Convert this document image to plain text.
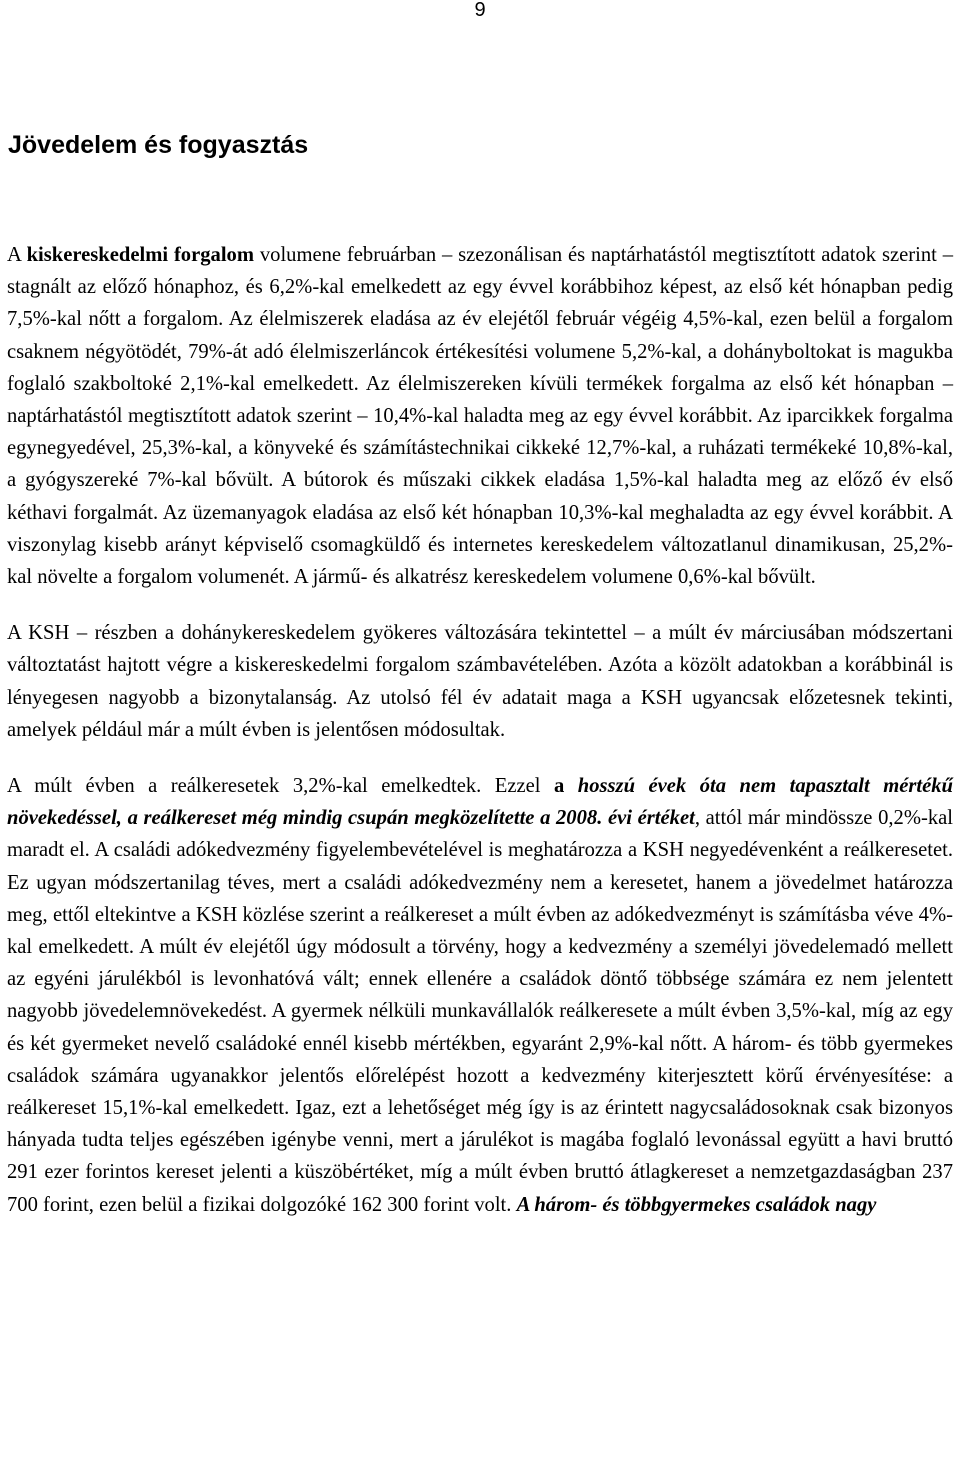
9
Jövedelem és fogyasztás

A kiskereskedelmi forgalom volumene februárban – szezonálisan és naptárhatástól megtisztított adatok szerint – stagnált az előző hónaphoz, és 6,2%-kal emelkedett az egy évvel korábbihoz képest, az első két hónapban pedig 7,5%-kal nőtt a forgalom. Az élelmiszerek eladása az év elejétől február végéig 4,5%-kal, ezen belül a forgalom csaknem négyötödét, 79%-át adó élelmiszerláncok értékesítési volumene 5,2%-kal, a dohányboltokat is magukba foglaló szakboltoké 2,1%-kal emelkedett. Az élelmiszereken kívüli termékek forgalma az első két hónapban – naptárhatástól megtisztított adatok szerint – 10,4%-kal haladta meg az egy évvel korábbit. Az iparcikkek forgalma egynegyedével, 25,3%-kal, a könyveké és számítástechnikai cikkeké 12,7%-kal, a ruházati termékeké 10,8%-kal, a gyógyszereké 7%-kal bővült. A bútorok és műszaki cikkek eladása 1,5%-kal haladta meg az előző év első kéthavi forgalmát. Az üzemanyagok eladása az első két hónapban 10,3%-kal meghaladta az egy évvel korábbit. A viszonylag kisebb arányt képviselő csomagküldő és internetes kereskedelem változatlanul dinamikusan, 25,2%-kal növelte a forgalom volumenét. A jármű- és alkatrész kereskedelem volumene 0,6%-kal bővült.

A KSH – részben a dohánykereskedelem gyökeres változására tekintettel – a múlt év márciusában módszertani változtatást hajtott végre a kiskereskedelmi forgalom számbavételében. Azóta a közölt adatokban a korábbinál is lényegesen nagyobb a bizonytalanság. Az utolsó fél év adatait maga a KSH ugyancsak előzetesnek tekinti, amelyek például már a múlt évben is jelentősen módosultak.

A múlt évben a reálkeresetek 3,2%-kal emelkedtek. Ezzel a hosszú évek óta nem tapasztalt mértékű növekedéssel, a reálkereset még mindig csupán megközelítette a 2008. évi értéket, attól már mindössze 0,2%-kal maradt el. A családi adókedvezmény figyelembevételével is meghatározza a KSH negyedévenként a reálkeresetet. Ez ugyan módszertanilag téves, mert a családi adókedvezmény nem a keresetet, hanem a jövedelmet határozza meg, ettől eltekintve a KSH közlése szerint a reálkereset a múlt évben az adókedvezményt is számításba véve 4%-kal emelkedett. A múlt év elejétől úgy módosult a törvény, hogy a kedvezmény a személyi jövedelemadó mellett az egyéni járulékból is levonhatóvá vált; ennek ellenére a családok döntő többsége számára ez nem jelentett nagyobb jövedelemnövekedést. A gyermek nélküli munkavállalók reálkeresete a múlt évben 3,5%-kal, míg az egy és két gyermeket nevelő családoké ennél kisebb mértékben, egyaránt 2,9%-kal nőtt. A három- és több gyermekes családok számára ugyanakkor jelentős előrelépést hozott a kedvezmény kiterjesztett körű érvényesítése: a reálkereset 15,1%-kal emelkedett. Igaz, ezt a lehetőséget még így is az érintett nagycsaládosoknak csak bizonyos hányada tudta teljes egészében igénybe venni, mert a járulékot is magába foglaló levonással együtt a havi bruttó 291 ezer forintos kereset jelenti a küszöbértéket, míg a múlt évben bruttó átlagkereset a nemzetgazdaságban 237 700 forint, ezen belül a fizikai dolgozóké 162 300 forint volt. A három- és többgyermekes családok nagy
